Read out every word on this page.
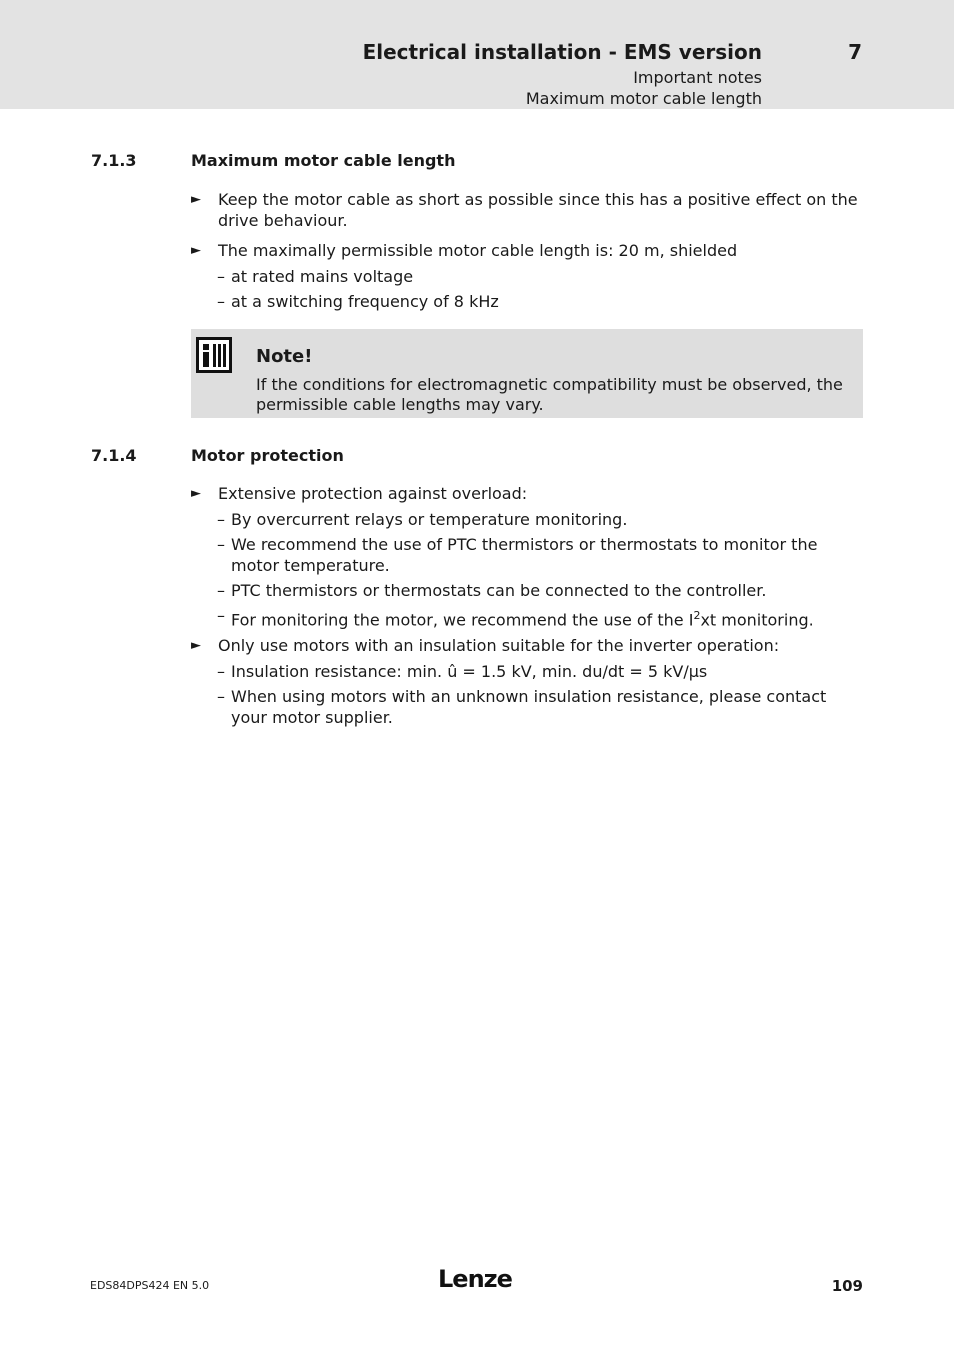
Electrical installation - EMS version	7
Important notes
Maximum motor cable length
7.1.3	Maximum motor cable length
►	Keep the motor cable as short as possible since this has a positive effect on the drive behaviour.
►	The maximally permissible motor cable length is: 20 m, shielded
– at rated mains voltage
– at a switching frequency of 8 kHz
Note!
If the conditions for electromagnetic compatibility must be observed, the permissible cable lengths may vary.
7.1.4	Motor protection
►	Extensive protection against overload:
– By overcurrent relays or temperature monitoring.
– We recommend the use of PTC thermistors or thermostats to monitor the motor temperature.
– PTC thermistors or thermostats can be connected to the controller.
– For monitoring the motor, we recommend the use of the $I^2xt$ monitoring.
►	Only use motors with an insulation suitable for the inverter operation:
– Insulation resistance: min. û = 1.5 kV, min. du/dt = 5 kV/µs
– When using motors with an unknown insulation resistance, please contact your motor supplier.
EDS84DPS424 EN 5.0	Lenze	109
